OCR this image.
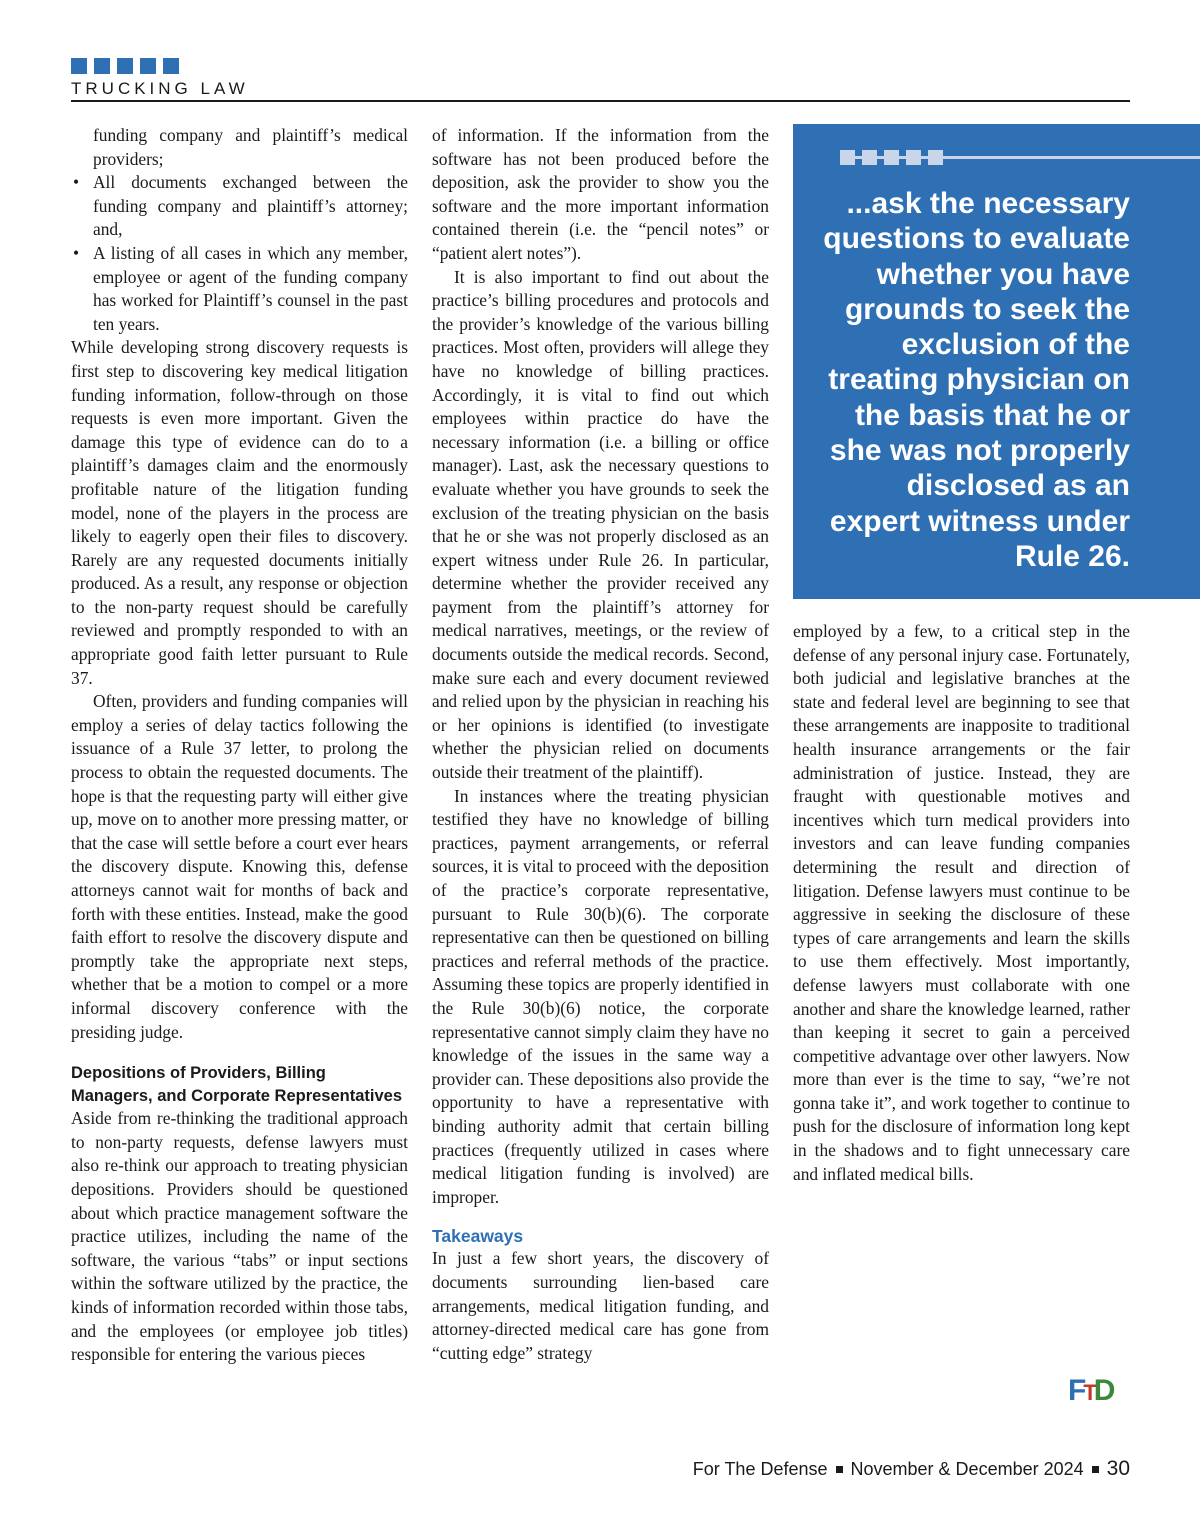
TRUCKING LAW
funding company and plaintiff’s medical providers;
• All documents exchanged between the funding company and plaintiff’s attorney; and,
• A listing of all cases in which any member, employee or agent of the funding company has worked for Plaintiff’s counsel in the past ten years.

While developing strong discovery requests is first step to discovering key medical litigation funding information, follow-through on those requests is even more important. Given the damage this type of evidence can do to a plaintiff’s damages claim and the enormously profitable nature of the litigation funding model, none of the players in the process are likely to eagerly open their files to discovery. Rarely are any requested documents initially produced. As a result, any response or objection to the non-party request should be carefully reviewed and promptly responded to with an appropriate good faith letter pursuant to Rule 37.

Often, providers and funding companies will employ a series of delay tactics following the issuance of a Rule 37 letter, to prolong the process to obtain the requested documents. The hope is that the requesting party will either give up, move on to another more pressing matter, or that the case will settle before a court ever hears the discovery dispute. Knowing this, defense attorneys cannot wait for months of back and forth with these entities. Instead, make the good faith effort to resolve the discovery dispute and promptly take the appropriate next steps, whether that be a motion to compel or a more informal discovery conference with the presiding judge.

Depositions of Providers, Billing Managers, and Corporate Representatives

Aside from re-thinking the traditional approach to non-party requests, defense lawyers must also re-think our approach to treating physician depositions. Providers should be questioned about which practice management software the practice utilizes, including the name of the software, the various “tabs” or input sections within the software utilized by the practice, the kinds of information recorded within those tabs, and the employees (or employee job titles) responsible for entering the various pieces

of information. If the information from the software has not been produced before the deposition, ask the provider to show you the software and the more important information contained therein (i.e. the “pencil notes” or “patient alert notes”).

It is also important to find out about the practice’s billing procedures and protocols and the provider’s knowledge of the various billing practices. Most often, providers will allege they have no knowledge of billing practices. Accordingly, it is vital to find out which employees within practice do have the necessary information (i.e. a billing or office manager). Last, ask the necessary questions to evaluate whether you have grounds to seek the exclusion of the treating physician on the basis that he or she was not properly disclosed as an expert witness under Rule 26. In particular, determine whether the provider received any payment from the plaintiff’s attorney for medical narratives, meetings, or the review of documents outside the medical records. Second, make sure each and every document reviewed and relied upon by the physician in reaching his or her opinions is identified (to investigate whether the physician relied on documents outside their treatment of the plaintiff).

In instances where the treating physician testified they have no knowledge of billing practices, payment arrangements, or referral sources, it is vital to proceed with the deposition of the practice’s corporate representative, pursuant to Rule 30(b)(6). The corporate representative can then be questioned on billing practices and referral methods of the practice. Assuming these topics are properly identified in the Rule 30(b)(6) notice, the corporate representative cannot simply claim they have no knowledge of the issues in the same way a provider can. These depositions also provide the opportunity to have a representative with binding authority admit that certain billing practices (frequently utilized in cases where medical litigation funding is involved) are improper.

Takeaways

In just a few short years, the discovery of documents surrounding lien-based care arrangements, medical litigation funding, and attorney-directed medical care has gone from “cutting edge” strategy

...ask the necessary questions to evaluate whether you have grounds to seek the exclusion of the treating physician on the basis that he or she was not properly disclosed as an expert witness under Rule 26.

employed by a few, to a critical step in the defense of any personal injury case. Fortunately, both judicial and legislative branches at the state and federal level are beginning to see that these arrangements are inapposite to traditional health insurance arrangements or the fair administration of justice. Instead, they are fraught with questionable motives and incentives which turn medical providers into investors and can leave funding companies determining the result and direction of litigation. Defense lawyers must continue to be aggressive in seeking the disclosure of these types of care arrangements and learn the skills to use them effectively. Most importantly, defense lawyers must collaborate with one another and share the knowledge learned, rather than keeping it secret to gain a perceived competitive advantage over other lawyers. Now more than ever is the time to say, “we’re not gonna take it”, and work together to continue to push for the disclosure of information long kept in the shadows and to fight unnecessary care and inflated medical bills.

FTD
For The Defense November & December 2024 30
